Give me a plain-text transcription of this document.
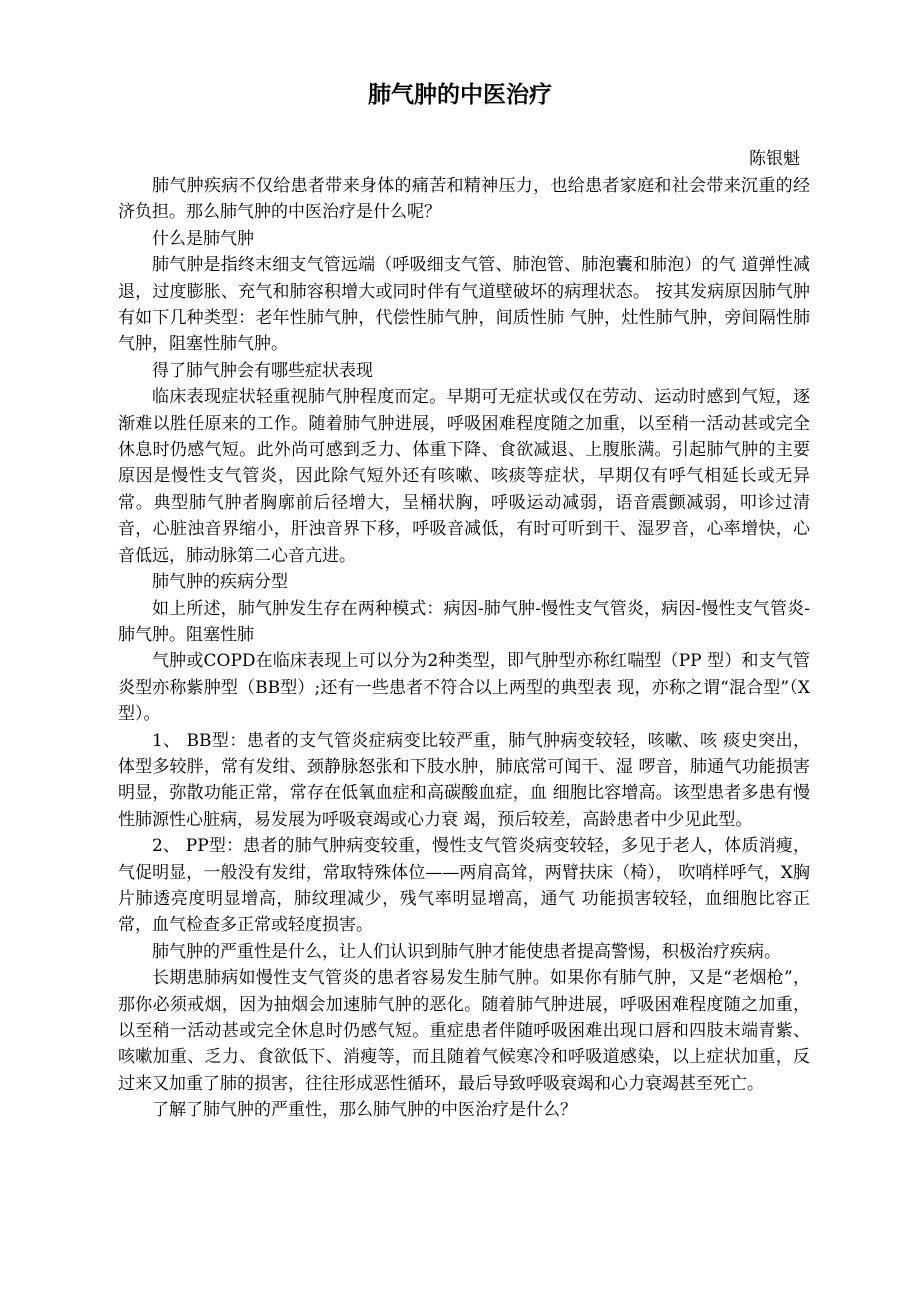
肺气肿的中医治疗
陈银魁

肺气肿疾病不仅给患者带来身体的痛苦和精神压力，也给患者家庭和社会带来沉重的经济负担。那么肺气肿的中医治疗是什么呢？

什么是肺气肿

肺气肿是指终末细支气管远端（呼吸细支气管、肺泡管、肺泡囊和肺泡）的气 道弹性减退，过度膨胀、充气和肺容积增大或同时伴有气道壁破坏的病理状态。 按其发病原因肺气肿有如下几种类型：老年性肺气肿，代偿性肺气肿，间质性肺 气肿，灶性肺气肿，旁间隔性肺气肿，阻塞性肺气肿。

得了肺气肿会有哪些症状表现

临床表现症状轻重视肺气肿程度而定。早期可无症状或仅在劳动、运动时感到气短，逐渐难以胜任原来的工作。随着肺气肿进展，呼吸困难程度随之加重，以至稍一活动甚或完全休息时仍感气短。此外尚可感到乏力、体重下降、食欲减退、上腹胀满。引起肺气肿的主要原因是慢性支气管炎，因此除气短外还有咳嗽、咳痰等症状，早期仅有呼气相延长或无异常。典型肺气肿者胸廓前后径增大，呈桶状胸，呼吸运动减弱，语音震颤减弱，叩诊过清音，心脏浊音界缩小，肝浊音界下移，呼吸音减低，有时可听到干、湿罗音，心率增快，心音低远，肺动脉第二心音亢进。

肺气肿的疾病分型

如上所述，肺气肿发生存在两种模式：病因-肺气肿-慢性支气管炎，病因-慢性支气管炎-肺气肿。阻塞性肺

气肿或COPD在临床表现上可以分为2种类型，即气肿型亦称红喘型（PP 型）和支气管炎型亦称紫肿型（BB型）;还有一些患者不符合以上两型的典型表 现，亦称之谓“混合型”（X型）。

1、 BB型：患者的支气管炎症病变比较严重，肺气肿病变较轻，咳嗽、咳 痰史突出，体型多较胖，常有发绀、颈静脉怒张和下肢水肿，肺底常可闻干、湿 啰音，肺通气功能损害明显，弥散功能正常，常存在低氧血症和高碳酸血症，血 细胞比容增高。该型患者多患有慢性肺源性心脏病，易发展为呼吸衰竭或心力衰 竭，预后较差，高龄患者中少见此型。

2、 PP型：患者的肺气肿病变较重，慢性支气管炎病变较轻，多见于老人，体质消瘦，气促明显，一般没有发绀，常取特殊体位——两肩高耸，两臂扶床（椅）， 吹哨样呼气，X胸片肺透亮度明显增高，肺纹理减少，残气率明显增高，通气 功能损害较轻，血细胞比容正常，血气检查多正常或轻度损害。

肺气肿的严重性是什么，让人们认识到肺气肿才能使患者提高警惕，积极治疗疾病。

长期患肺病如慢性支气管炎的患者容易发生肺气肿。如果你有肺气肿，又是“老烟枪”，那你必须戒烟，因为抽烟会加速肺气肿的恶化。随着肺气肿进展，呼吸困难程度随之加重，以至稍一活动甚或完全休息时仍感气短。重症患者伴随呼吸困难出现口唇和四肢末端青紫、咳嗽加重、乏力、食欲低下、消瘦等，而且随着气候寒冷和呼吸道感染，以上症状加重，反过来又加重了肺的损害，往往形成恶性循环，最后导致呼吸衰竭和心力衰竭甚至死亡。

了解了肺气肿的严重性，那么肺气肿的中医治疗是什么？
